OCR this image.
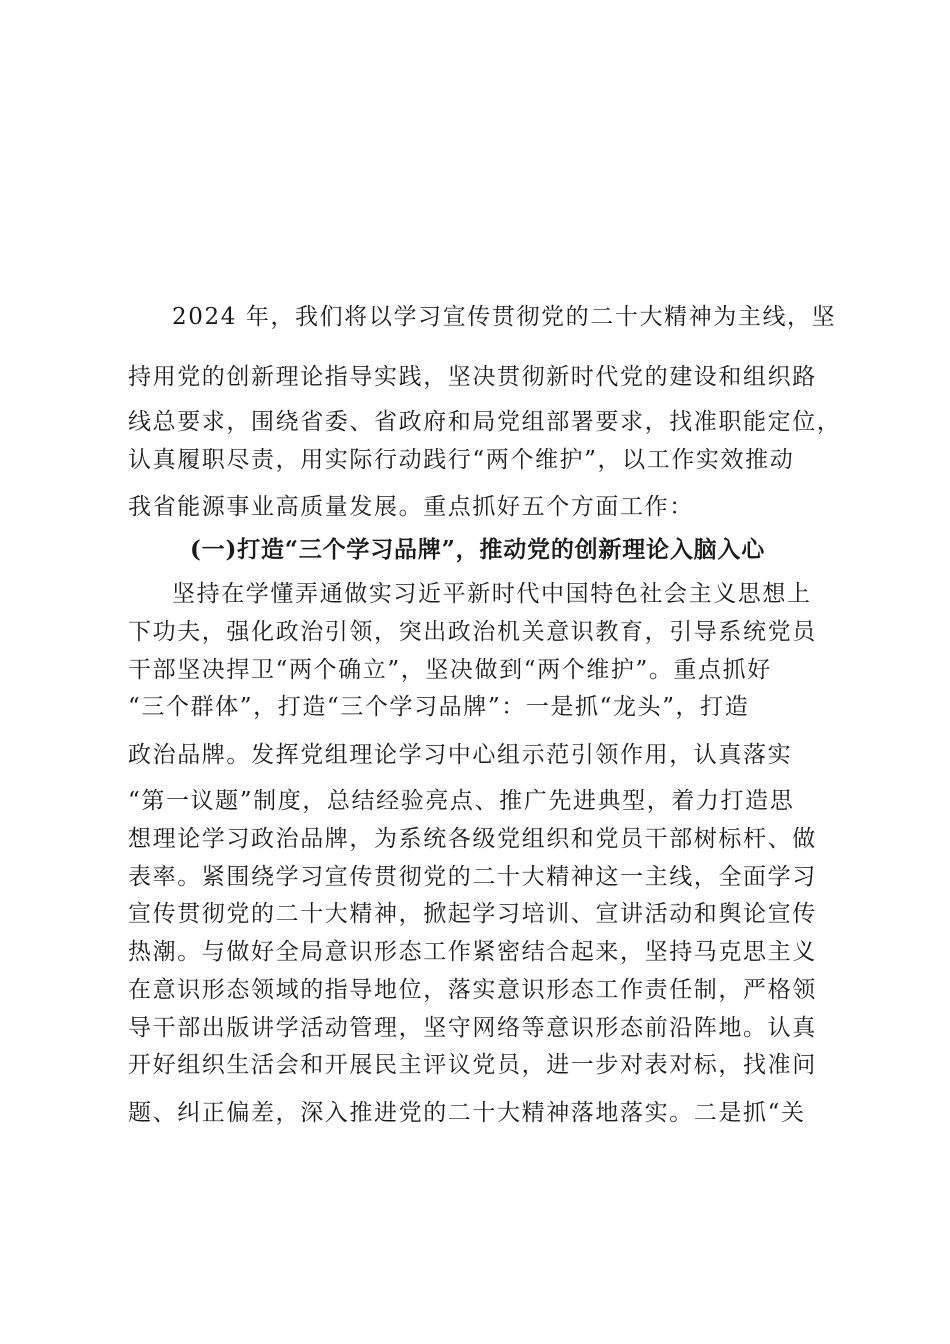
2024 年，我们将以学习宣传贯彻党的二十大精神为主线，坚
持用党的创新理论指导实践，坚决贯彻新时代党的建设和组织路
线总要求，围绕省委、省政府和局党组部署要求，找准职能定位，
认真履职尽责，用实际行动践行“两个维护”，以工作实效推动
我省能源事业高质量发展。重点抓好五个方面工作：
(一)打造“三个学习品牌”，推动党的创新理论入脑入心
坚持在学懂弄通做实习近平新时代中国特色社会主义思想上
下功夫，强化政治引领，突出政治机关意识教育，引导系统党员
干部坚决捍卫“两个确立”，坚决做到“两个维护”。重点抓好
“三个群体”，打造“三个学习品牌”：一是抓“龙头”，打造
政治品牌。发挥党组理论学习中心组示范引领作用，认真落实
“第一议题”制度，总结经验亮点、推广先进典型，着力打造思
想理论学习政治品牌，为系统各级党组织和党员干部树标杆、做
表率。紧围绕学习宣传贯彻党的二十大精神这一主线，全面学习
宣传贯彻党的二十大精神，掀起学习培训、宣讲活动和舆论宣传
热潮。与做好全局意识形态工作紧密结合起来，坚持马克思主义
在意识形态领域的指导地位，落实意识形态工作责任制，严格领
导干部出版讲学活动管理，坚守网络等意识形态前沿阵地。认真
开好组织生活会和开展民主评议党员，进一步对表对标，找准问
题、纠正偏差，深入推进党的二十大精神落地落实。二是抓“关
